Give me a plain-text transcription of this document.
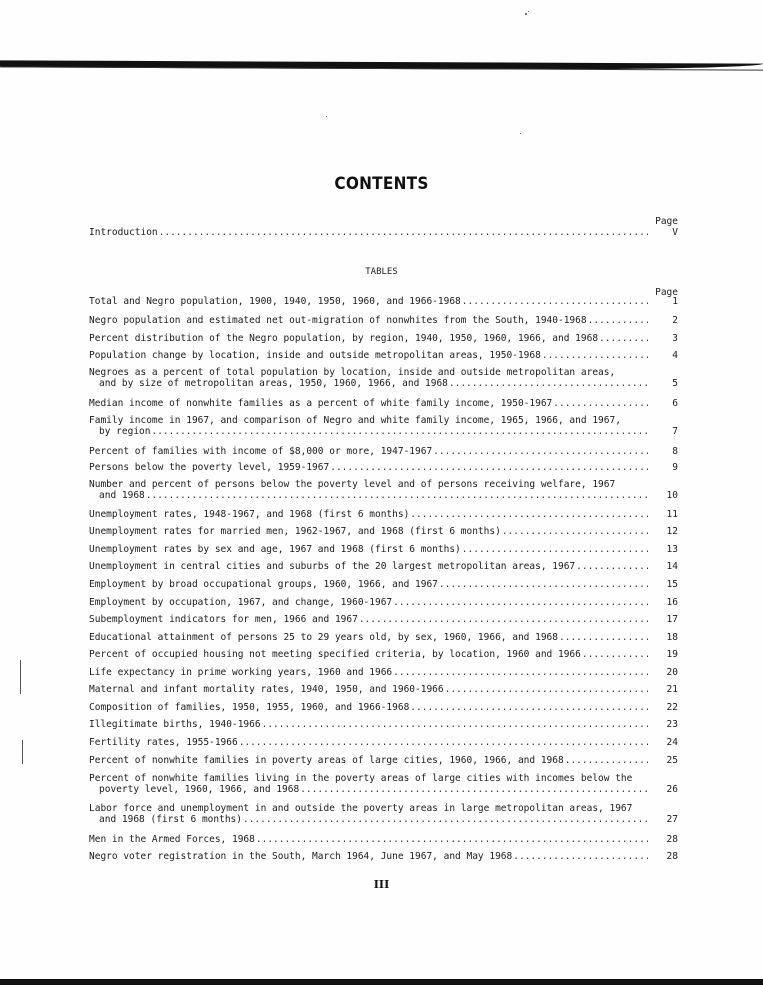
CONTENTS
Page
Introduction .....	V
TABLES
Page
Total and Negro population, 1900, 1940, 1950, 1960, and 1966-1968 .....	1
Negro population and estimated net out-migration of nonwhites from the South, 1940-1968 .....	2
Percent distribution of the Negro population, by region, 1940, 1950, 1960, 1966, and 1968 .....	3
Population change by location, inside and outside metropolitan areas, 1950-1968 .....	4
Negroes as a percent of total population by location, inside and outside metropolitan areas,
and by size of metropolitan areas, 1950, 1960, 1966, and 1968 .....	5
Median income of nonwhite families as a percent of white family income, 1950-1967 .....	6
Family income in 1967, and comparison of Negro and white family income, 1965, 1966, and 1967,
by region .....	7
Percent of families with income of $8,000 or more, 1947-1967 .....	8
Persons below the poverty level, 1959-1967 .....	9
Number and percent of persons below the poverty level and of persons receiving welfare, 1967
and 1968 .....	10
Unemployment rates, 1948-1967, and 1968 (first 6 months) .....	11
Unemployment rates for married men, 1962-1967, and 1968 (first 6 months) .....	12
Unemployment rates by sex and age, 1967 and 1968 (first 6 months) .....	13
Unemployment in central cities and suburbs of the 20 largest metropolitan areas, 1967 .....	14
Employment by broad occupational groups, 1960, 1966, and 1967 .....	15
Employment by occupation, 1967, and change, 1960-1967 .....	16
Subemployment indicators for men, 1966 and 1967 .....	17
Educational attainment of persons 25 to 29 years old, by sex, 1960, 1966, and 1968 .....	18
Percent of occupied housing not meeting specified criteria, by location, 1960 and 1966 .....	19
Life expectancy in prime working years, 1960 and 1966 .....	20
Maternal and infant mortality rates, 1940, 1950, and 1960-1966 .....	21
Composition of families, 1950, 1955, 1960, and 1966-1968 .....	22
Illegitimate births, 1940-1966 .....	23
Fertility rates, 1955-1966 .....	24
Percent of nonwhite families in poverty areas of large cities, 1960, 1966, and 1968 .....	25
Percent of nonwhite families living in the poverty areas of large cities with incomes below the
poverty level, 1960, 1966, and 1968 .....	26
Labor force and unemployment in and outside the poverty areas in large metropolitan areas, 1967
and 1968 (first 6 months) .....	27
Men in the Armed Forces, 1968 .....	28
Negro voter registration in the South, March 1964, June 1967, and May 1968 .....	28
III
